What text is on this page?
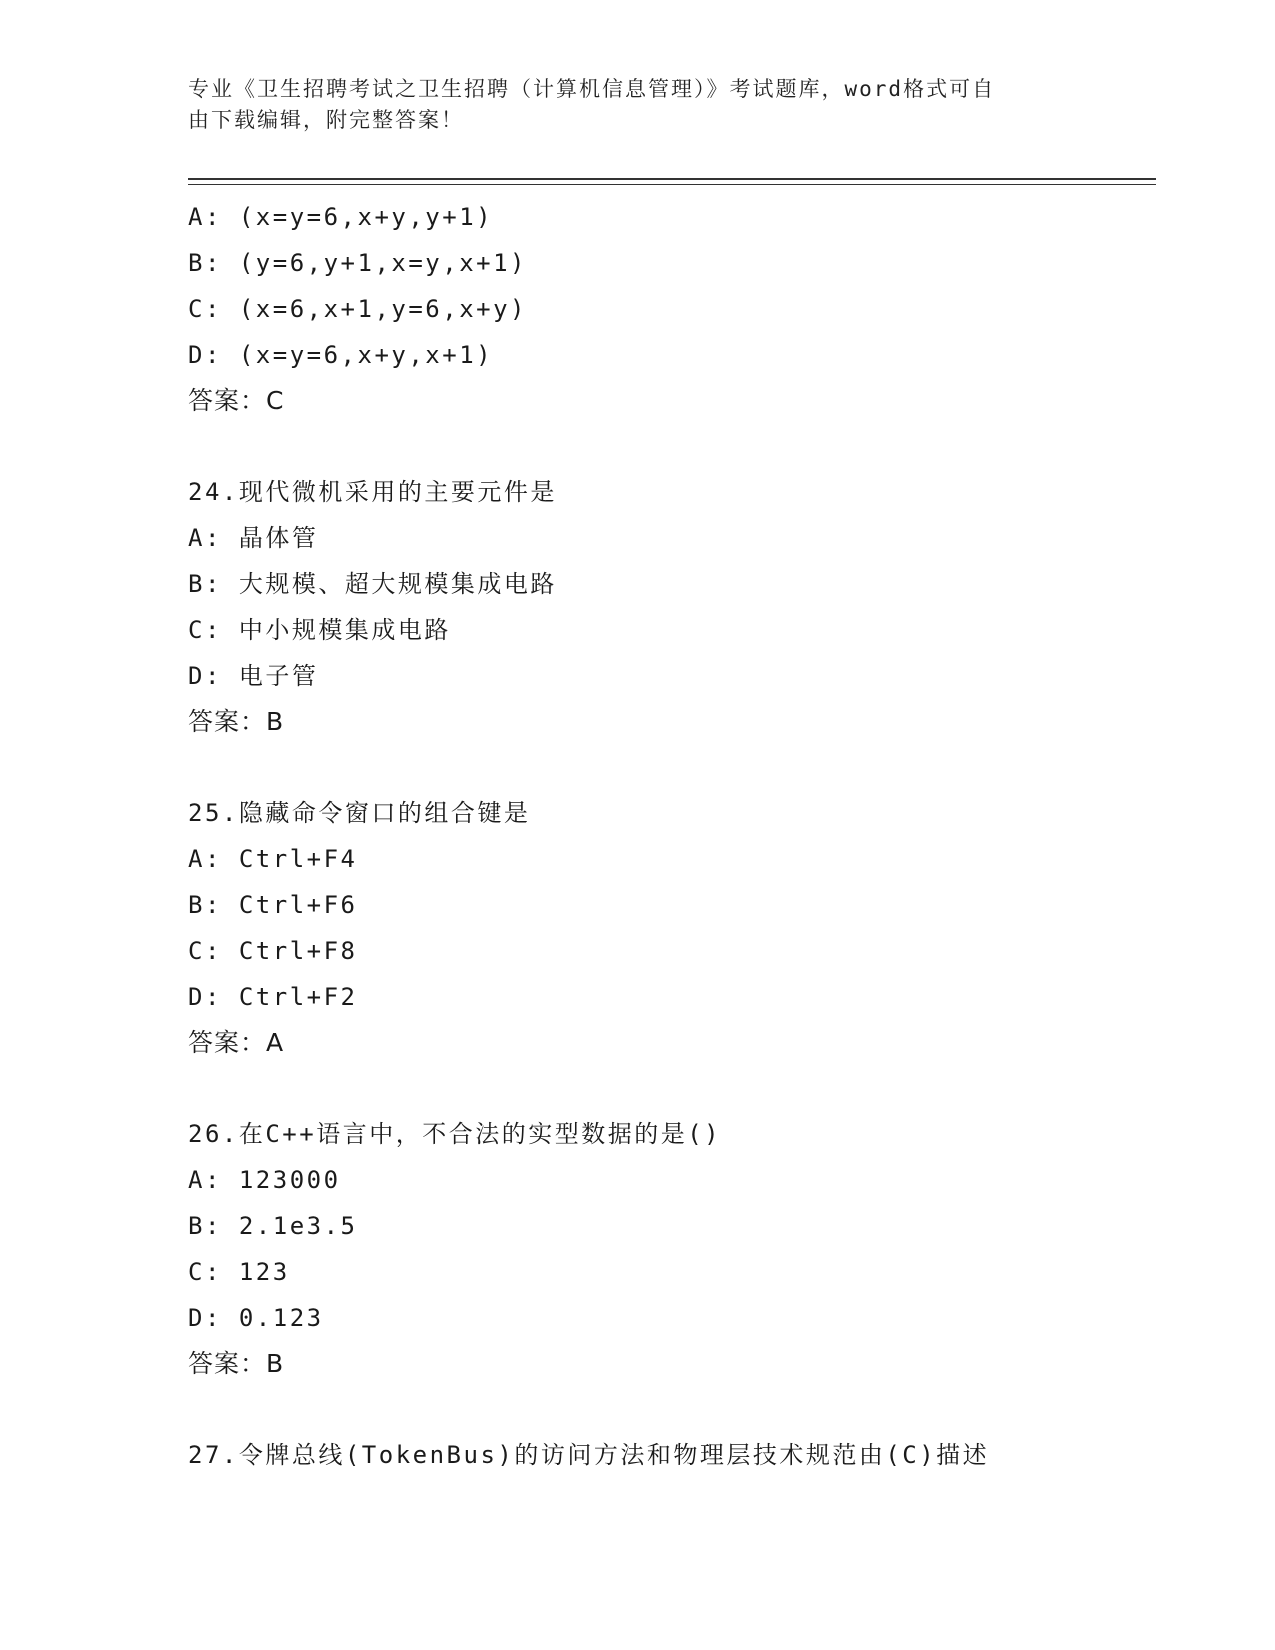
专业《卫生招聘考试之卫生招聘（计算机信息管理）》考试题库，word格式可自
由下载编辑，附完整答案！
A: (x=y=6,x+y,y+1)
B: (y=6,y+1,x=y,x+1)
C: (x=6,x+1,y=6,x+y)
D: (x=y=6,x+y,x+1)
答案：C
24.现代微机采用的主要元件是
A: 晶体管
B: 大规模、超大规模集成电路
C: 中小规模集成电路
D: 电子管
答案：B
25.隐藏命令窗口的组合键是
A: Ctrl+F4
B: Ctrl+F6
C: Ctrl+F8
D: Ctrl+F2
答案：A
26.在C++语言中，不合法的实型数据的是()
A: 123000
B: 2.1e3.5
C: 123
D: 0.123
答案：B
27.令牌总线(TokenBus)的访问方法和物理层技术规范由(C)描述
